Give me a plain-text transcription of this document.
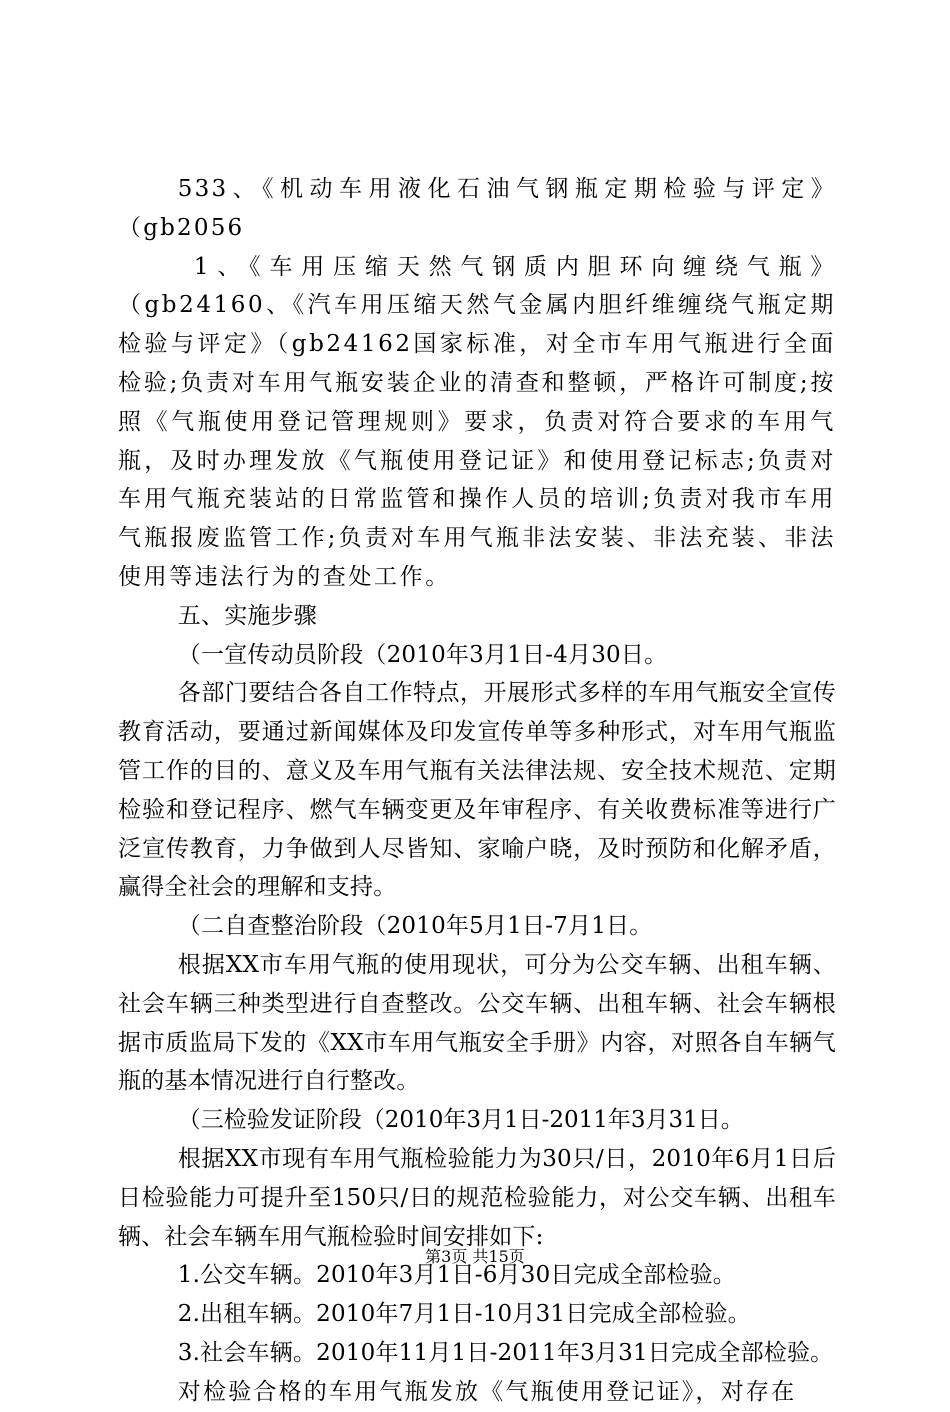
533、《机动车用液化石油气钢瓶定期检验与评定》（gb2056

1、《车用压缩天然气钢质内胆环向缠绕气瓶》（gb24160、《汽车用压缩天然气金属内胆纤维缠绕气瓶定期检验与评定》（gb24162国家标准，对全市车用气瓶进行全面检验;负责对车用气瓶安装企业的清查和整顿，严格许可制度;按照《气瓶使用登记管理规则》要求，负责对符合要求的车用气瓶，及时办理发放《气瓶使用登记证》和使用登记标志;负责对车用气瓶充装站的日常监管和操作人员的培训;负责对我市车用气瓶报废监管工作;负责对车用气瓶非法安装、非法充装、非法使用等违法行为的查处工作。

五、实施步骤

（一宣传动员阶段（2010年3月1日-4月30日。

各部门要结合各自工作特点，开展形式多样的车用气瓶安全宣传教育活动，要通过新闻媒体及印发宣传单等多种形式，对车用气瓶监管工作的目的、意义及车用气瓶有关法律法规、安全技术规范、定期检验和登记程序、燃气车辆变更及年审程序、有关收费标准等进行广泛宣传教育，力争做到人尽皆知、家喻户晓，及时预防和化解矛盾，赢得全社会的理解和支持。

（二自查整治阶段（2010年5月1日-7月1日。

根据XX市车用气瓶的使用现状，可分为公交车辆、出租车辆、社会车辆三种类型进行自查整改。公交车辆、出租车辆、社会车辆根据市质监局下发的《XX市车用气瓶安全手册》内容，对照各自车辆气瓶的基本情况进行自行整改。

（三检验发证阶段（2010年3月1日-2011年3月31日。

根据XX市现有车用气瓶检验能力为30只/日，2010年6月1日后日检验能力可提升至150只/日的规范检验能力，对公交车辆、出租车辆、社会车辆车用气瓶检验时间安排如下:

1.公交车辆。2010年3月1日-6月30日完成全部检验。

2.出租车辆。2010年7月1日-10月31日完成全部检验。

3.社会车辆。2010年11月1日-2011年3月31日完成全部检验。

对检验合格的车用气瓶发放《气瓶使用登记证》，对存在

第3页 共15页
